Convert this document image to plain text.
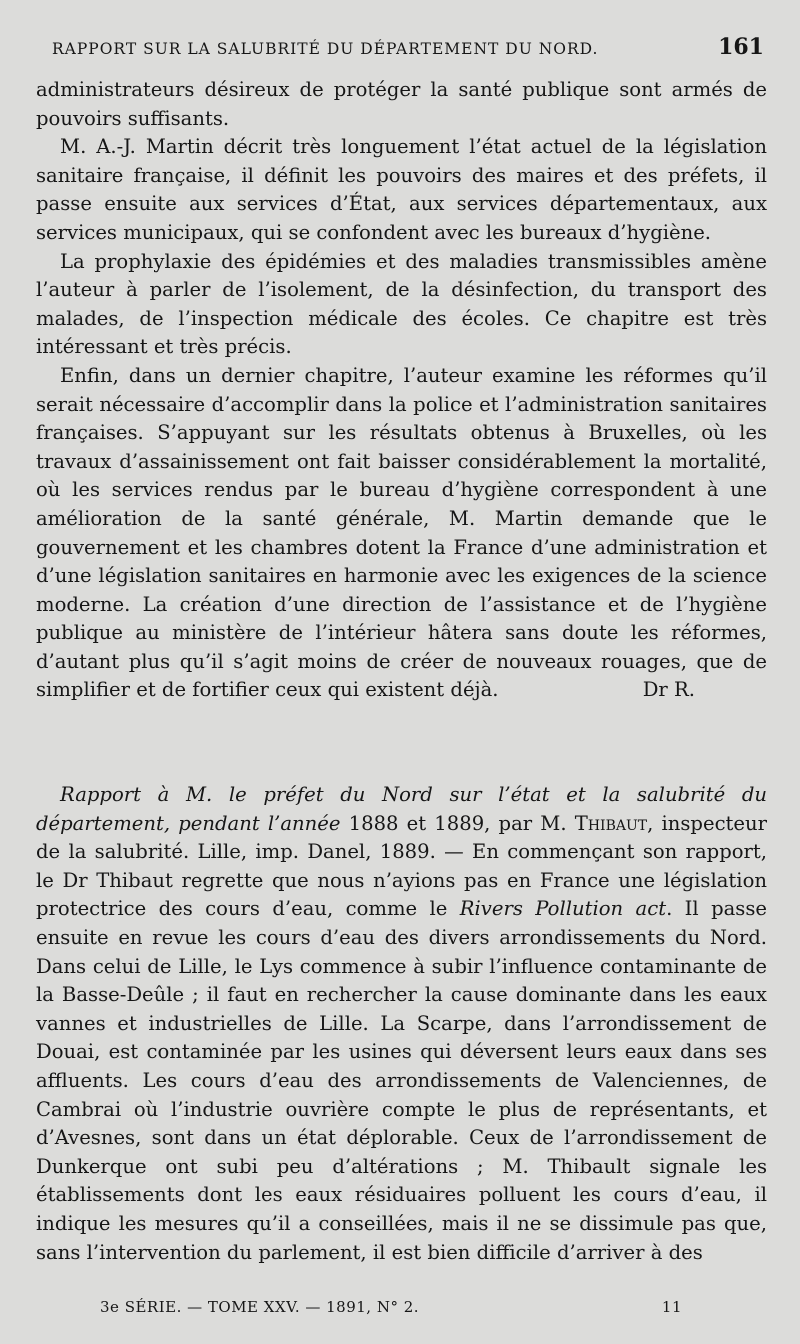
RAPPORT SUR LA SALUBRITÉ DU DÉPARTEMENT DU NORD.	161

administrateurs désireux de protéger la santé publique sont armés de pouvoirs suffisants.

M. A.-J. Martin décrit très longuement l’état actuel de la législation sanitaire française, il définit les pouvoirs des maires et des préfets, il passe ensuite aux services d’État, aux services départementaux, aux services municipaux, qui se confondent avec les bureaux d’hygiène.

La prophylaxie des épidémies et des maladies transmissibles amène l’auteur à parler de l’isolement, de la désinfection, du transport des malades, de l’inspection médicale des écoles. Ce chapitre est très intéressant et très précis.

Enfin, dans un dernier chapitre, l’auteur examine les réformes qu’il serait nécessaire d’accomplir dans la police et l’administration sanitaires françaises. S’appuyant sur les résultats obtenus à Bruxelles, où les travaux d’assainissement ont fait baisser considérablement la mortalité, où les services rendus par le bureau d’hygiène correspondent à une amélioration de la santé générale, M. Martin demande que le gouvernement et les chambres dotent la France d’une administration et d’une législation sanitaires en harmonie avec les exigences de la science moderne. La création d’une direction de l’assistance et de l’hygiène publique au ministère de l’intérieur hâtera sans doute les réformes, d’autant plus qu’il s’agit moins de créer de nouveaux rouages, que de simplifier et de fortifier ceux qui existent déjà.	Dr R.

Rapport à M. le préfet du Nord sur l’état et la salubrité du département, pendant l’année 1888 et 1889, par M. Thibaut, inspecteur de la salubrité. Lille, imp. Danel, 1889. — En commençant son rapport, le Dr Thibaut regrette que nous n’ayions pas en France une législation protectrice des cours d’eau, comme le Rivers Pollution act. Il passe ensuite en revue les cours d’eau des divers arrondissements du Nord. Dans celui de Lille, le Lys commence à subir l’influence contaminante de la Basse-Deûle ; il faut en rechercher la cause dominante dans les eaux vannes et industrielles de Lille. La Scarpe, dans l’arrondissement de Douai, est contaminée par les usines qui déversent leurs eaux dans ses affluents. Les cours d’eau des arrondissements de Valenciennes, de Cambrai où l’industrie ouvrière compte le plus de représentants, et d’Avesnes, sont dans un état déplorable. Ceux de l’arrondissement de Dunkerque ont subi peu d’altérations ; M. Thibault signale les établissements dont les eaux résiduaires polluent les cours d’eau, il indique les mesures qu’il a conseillées, mais il ne se dissimule pas que, sans l’intervention du parlement, il est bien difficile d’arriver à des

3e SÉRIE. — TOME XXV. — 1891, N° 2.	11
